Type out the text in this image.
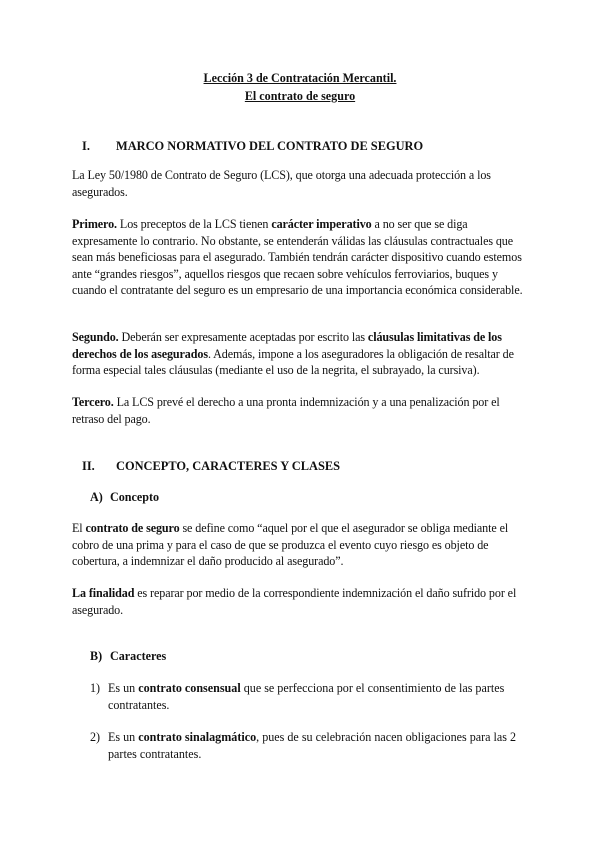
Lección 3 de Contratación Mercantil.
El contrato de seguro
I. MARCO NORMATIVO DEL CONTRATO DE SEGURO

La Ley 50/1980 de Contrato de Seguro (LCS), que otorga una adecuada protección a los asegurados.

Primero. Los preceptos de la LCS tienen carácter imperativo a no ser que se diga expresamente lo contrario. No obstante, se entenderán válidas las cláusulas contractuales que sean más beneficiosas para el asegurado. También tendrán carácter dispositivo cuando estemos ante “grandes riesgos”, aquellos riesgos que recaen sobre vehículos ferroviarios, buques y cuando el contratante del seguro es un empresario de una importancia económica considerable.

Segundo. Deberán ser expresamente aceptadas por escrito las cláusulas limitativas de los derechos de los asegurados. Además, impone a los aseguradores la obligación de resaltar de forma especial tales cláusulas (mediante el uso de la negrita, el subrayado, la cursiva).

Tercero. La LCS prevé el derecho a una pronta indemnización y a una penalización por el retraso del pago.

II. CONCEPTO, CARACTERES Y CLASES
A) Concepto

El contrato de seguro se define como “aquel por el que el asegurador se obliga mediante el cobro de una prima y para el caso de que se produzca el evento cuyo riesgo es objeto de cobertura, a indemnizar el daño producido al asegurado”.

La finalidad es reparar por medio de la correspondiente indemnización el daño sufrido por el asegurado.

B) Caracteres
1) Es un contrato consensual que se perfecciona por el consentimiento de las partes contratantes.
2) Es un contrato sinalagmático, pues de su celebración nacen obligaciones para las 2 partes contratantes.
